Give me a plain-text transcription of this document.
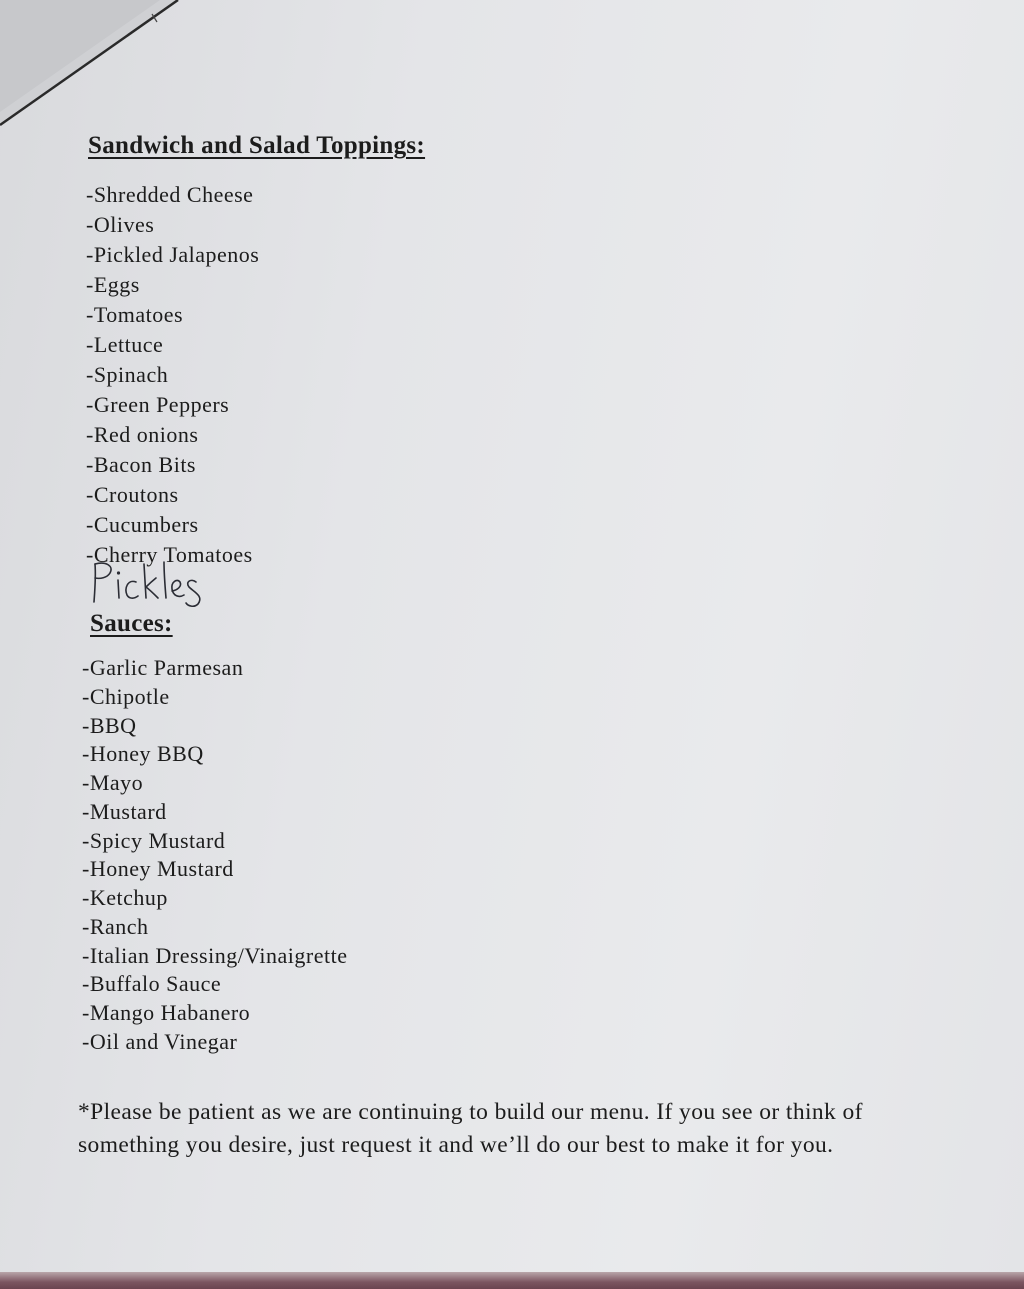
Sandwich and Salad Toppings:
-Shredded Cheese
-Olives
-Pickled Jalapenos
-Eggs
-Tomatoes
-Lettuce
-Spinach
-Green Peppers
-Red onions
-Bacon Bits
-Croutons
-Cucumbers
-Cherry Tomatoes
Sauces:
-Garlic Parmesan
-Chipotle
-BBQ
-Honey BBQ
-Mayo
-Mustard
-Spicy Mustard
-Honey Mustard
-Ketchup
-Ranch
-Italian Dressing/Vinaigrette
-Buffalo Sauce
-Mango Habanero
-Oil and Vinegar

*Please be patient as we are continuing to build our menu. If you see or think of something you desire, just request it and we’ll do our best to make it for you.
